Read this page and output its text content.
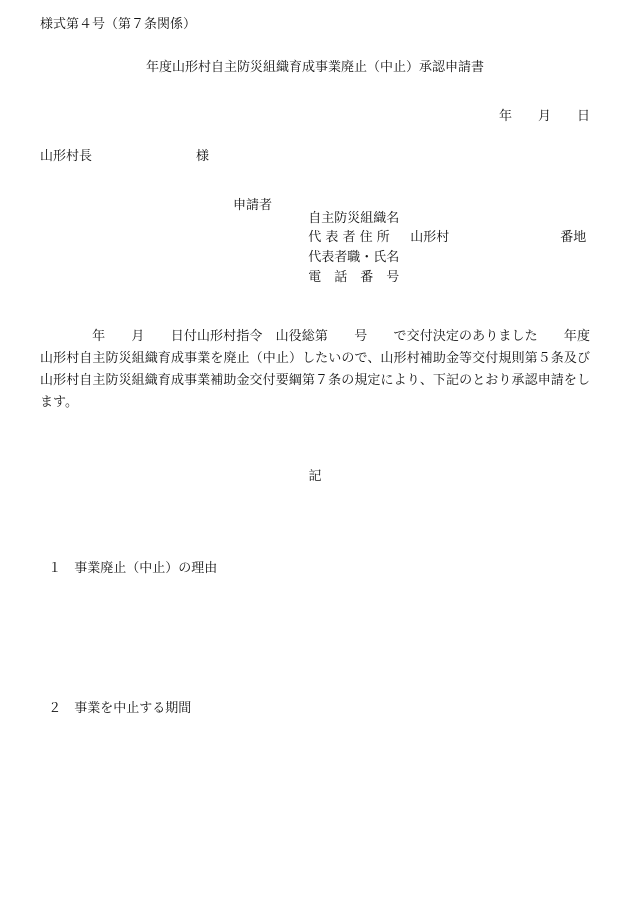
様式第４号（第７条関係）
年度山形村自主防災組織育成事業廃止（中止）承認申請書
年　　月　　日
山形村長　　　　　　　　様
申請者

自主防災組織名

代 表 者 住 所 山形村	番地

代表者職・氏名

電　話　番　号

年　　月　　日付山形村指令　山役総第　　号　　で交付決定のありました　　年度山形村自主防災組織育成事業を廃止（中止）したいので、山形村補助金等交付規則第５条及び山形村自主防災組織育成事業補助金交付要綱第７条の規定により、下記のとおり承認申請をします。
記

１ 事業廃止（中止）の理由

２ 事業を中止する期間
